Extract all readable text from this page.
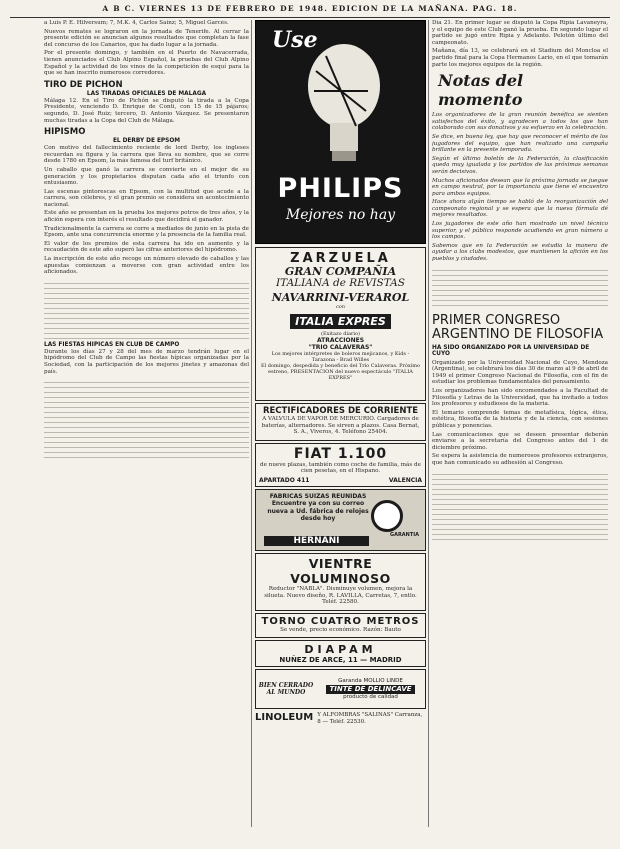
A B C. VIERNES 13 DE FEBRERO DE 1948. EDICION DE LA MAÑANA. PAG. 18.

a Luis P. E. Hilversum; 7, M.K. 4, Carlos Sainz; 5, Miguel Garcés.

Nuevos remates se lograron en la jornada de Tenerife. Al cerrar la presente edición se anuncian algunos resultados que completan la fase del concurso de los Canarios, que ha dado lugar a la jornada.

Por el presente domingo, y también en el Puerto de Navacerrada, tienen anunciados el Club Alpino Español, la pruebas del Club Alpino Español y la actividad de los vinos de la competición de esquí para la que se han inscrito numerosos corredores.

TIRO DE PICHON
LAS TIRADAS OFICIALES DE MALAGA

Málaga 12. En el Tiro de Pichón se disputó la tirada a la Copa Presidente, venciendo D. Enrique de Conti, con 15 de 15 pájaros; segundo, D. José Ruiz; tercero, D. Antonio Vázquez. Se presentaron muchas tiradas a la Copa del Club de Málaga.

HIPISMO
EL DERBY DE EPSOM

Con motivo del fallecimiento reciente de lord Derby, los ingleses recuerdan su figura y la carrera que lleva su nombre, que se corre desde 1780 en Epsom, la más famosa del turf británico.

Un caballo que ganó la carrera se convierte en el mejor de su generación y los propietarios disputan cada año el triunfo con entusiasmo.

Las escenas pintorescas en Epsom, con la multitud que acude a la carrera, son célebres, y el gran premio se considera un acontecimiento nacional.

Este año se presentan en la prueba los mejores potros de tres años, y la afición espera con interés el resultado que decidirá el ganador.

Tradicionalmente la carrera se corre a mediados de junio en la pista de Epsom, ante una concurrencia enorme y la presencia de la familia real.

El valor de los premios de esta carrera ha ido en aumento y la recaudación de este año superó las cifras anteriores del hipódromo.

La inscripción de este año recoge un número elevado de caballos y las apuestas comienzan a moverse con gran actividad entre los aficionados.

LAS FIESTAS HIPICAS EN CLUB DE CAMPO

Durante los días 27 y 28 del mes de marzo tendrán lugar en el hipódromo del Club de Campo las fiestas hípicas organizadas por la Sociedad, con la participación de los mejores jinetes y amazonas del país.

Use
PHILIPS
Mejores no hay
ZARZUELA
GRAN COMPAÑIA
ITALIANA de REVISTAS
NAVARRINI-VERAROL
con
ITALIA EXPRES
(Exitazo diario)
ATRACCIONES
"TRIO CALAVERAS"
Los mejores intérpretes de boleros mejicanos, y Kids - Tarazona - Brad Willes
El domingo, despedida y beneficio del Trío Calaveras. Próximo estreno, PRESENTACION del nuevo espectáculo "ITALIA EXPRES"
RECTIFICADORES DE CORRIENTE

A VALVULA DE VAPOR DE MERCURIO. Cargadores de baterías, alternadores. Se sirven a plazos. Casa Bernat, S. A., Viveros, 4. Teléfono 25404.

FIAT 1.100

de nueve plazas, también como coche de familia, más de cien pesetas, en el Hispano.

APARTADO 411	VALENCIA
FABRICAS SUIZAS REUNIDAS Encuentre ya con su correo nueva a Ud. fábrica de relojes desde hoy
HERNANI
GARANTIA
VIENTRE VOLUMINOSO

Reductor "NABLA". Disminuye volumen, mejora la silueta. Nuevo diseño, R. LAVILLA, Carretas, 7, entlo. Teléf. 22580.

TORNO CUATRO METROS

Se vende, precio económico. Razón: Bauto

DIAPAM
NUÑEZ DE ARCE, 11 — MADRID
BIEN CERRADO AL MUNDO
Garanda MOLLIO LINDE
TINTE DE DELINCAVE
producto de calidad
LINOLEUM Y ALFOMBRAS "SALINAS" Carranza, 8 — Teléf. 22530.

Día 21. En primer lugar se disputó la Copa Ripia Lavaneyra, y el equipo de este Club ganó la prueba. En segundo lugar el partido se jugó entre Ripia y Adelanto. Pelotón último del campeonato.

Mañana, día 13, se celebrará en el Stadium del Moncloa el partido final para la Copa Hermanos Lario, en el que tomarán parte los mejores equipos de la región.

Notas del momento

Los organizadores de la gran reunión benéfica se sienten satisfechos del éxito, y agradecen a todos los que han colaborado con sus donativos y su esfuerzo en la celebración.

Se dice, en buena ley, que hay que reconocer el mérito de los jugadores del equipo, que han realizado una campaña brillante en la presente temporada.

Según el último boletín de la Federación, la clasificación queda muy igualada y los partidos de las próximas semanas serán decisivos.

Muchos aficionados desean que la próxima jornada se juegue en campo neutral, por la importancia que tiene el encuentro para ambos equipos.

Hace ahora algún tiempo se habló de la reorganización del campeonato regional y se espera que la nueva fórmula dé mejores resultados.

Los jugadores de este año han mostrado un nivel técnico superior, y el público responde acudiendo en gran número a los campos.

Sabemos que en la Federación se estudia la manera de ayudar a los clubs modestos, que mantienen la afición en los pueblos y ciudades.

PRIMER CONGRESO ARGENTINO DE FILOSOFIA
HA SIDO ORGANIZADO POR LA UNIVERSIDAD DE CUYO

Organizado por la Universidad Nacional de Cuyo, Mendoza (Argentina), se celebrará los días 30 de marzo al 9 de abril de 1949 el primer Congreso Nacional de Filosofía, con el fin de estudiar los problemas fundamentales del pensamiento.

Los organizadores han sido encomendados a la Facultad de Filosofía y Letras de la Universidad, que ha invitado a todos los profesores y estudiosos de la materia.

El temario comprende temas de metafísica, lógica, ética, estética, filosofía de la historia y de la ciencia, con sesiones públicas y ponencias.

Las comunicaciones que se deseen presentar deberán enviarse a la secretaría del Congreso antes del 1 de diciembre próximo.

Se espera la asistencia de numerosos profesores extranjeros, que han comunicado su adhesión al Congreso.
